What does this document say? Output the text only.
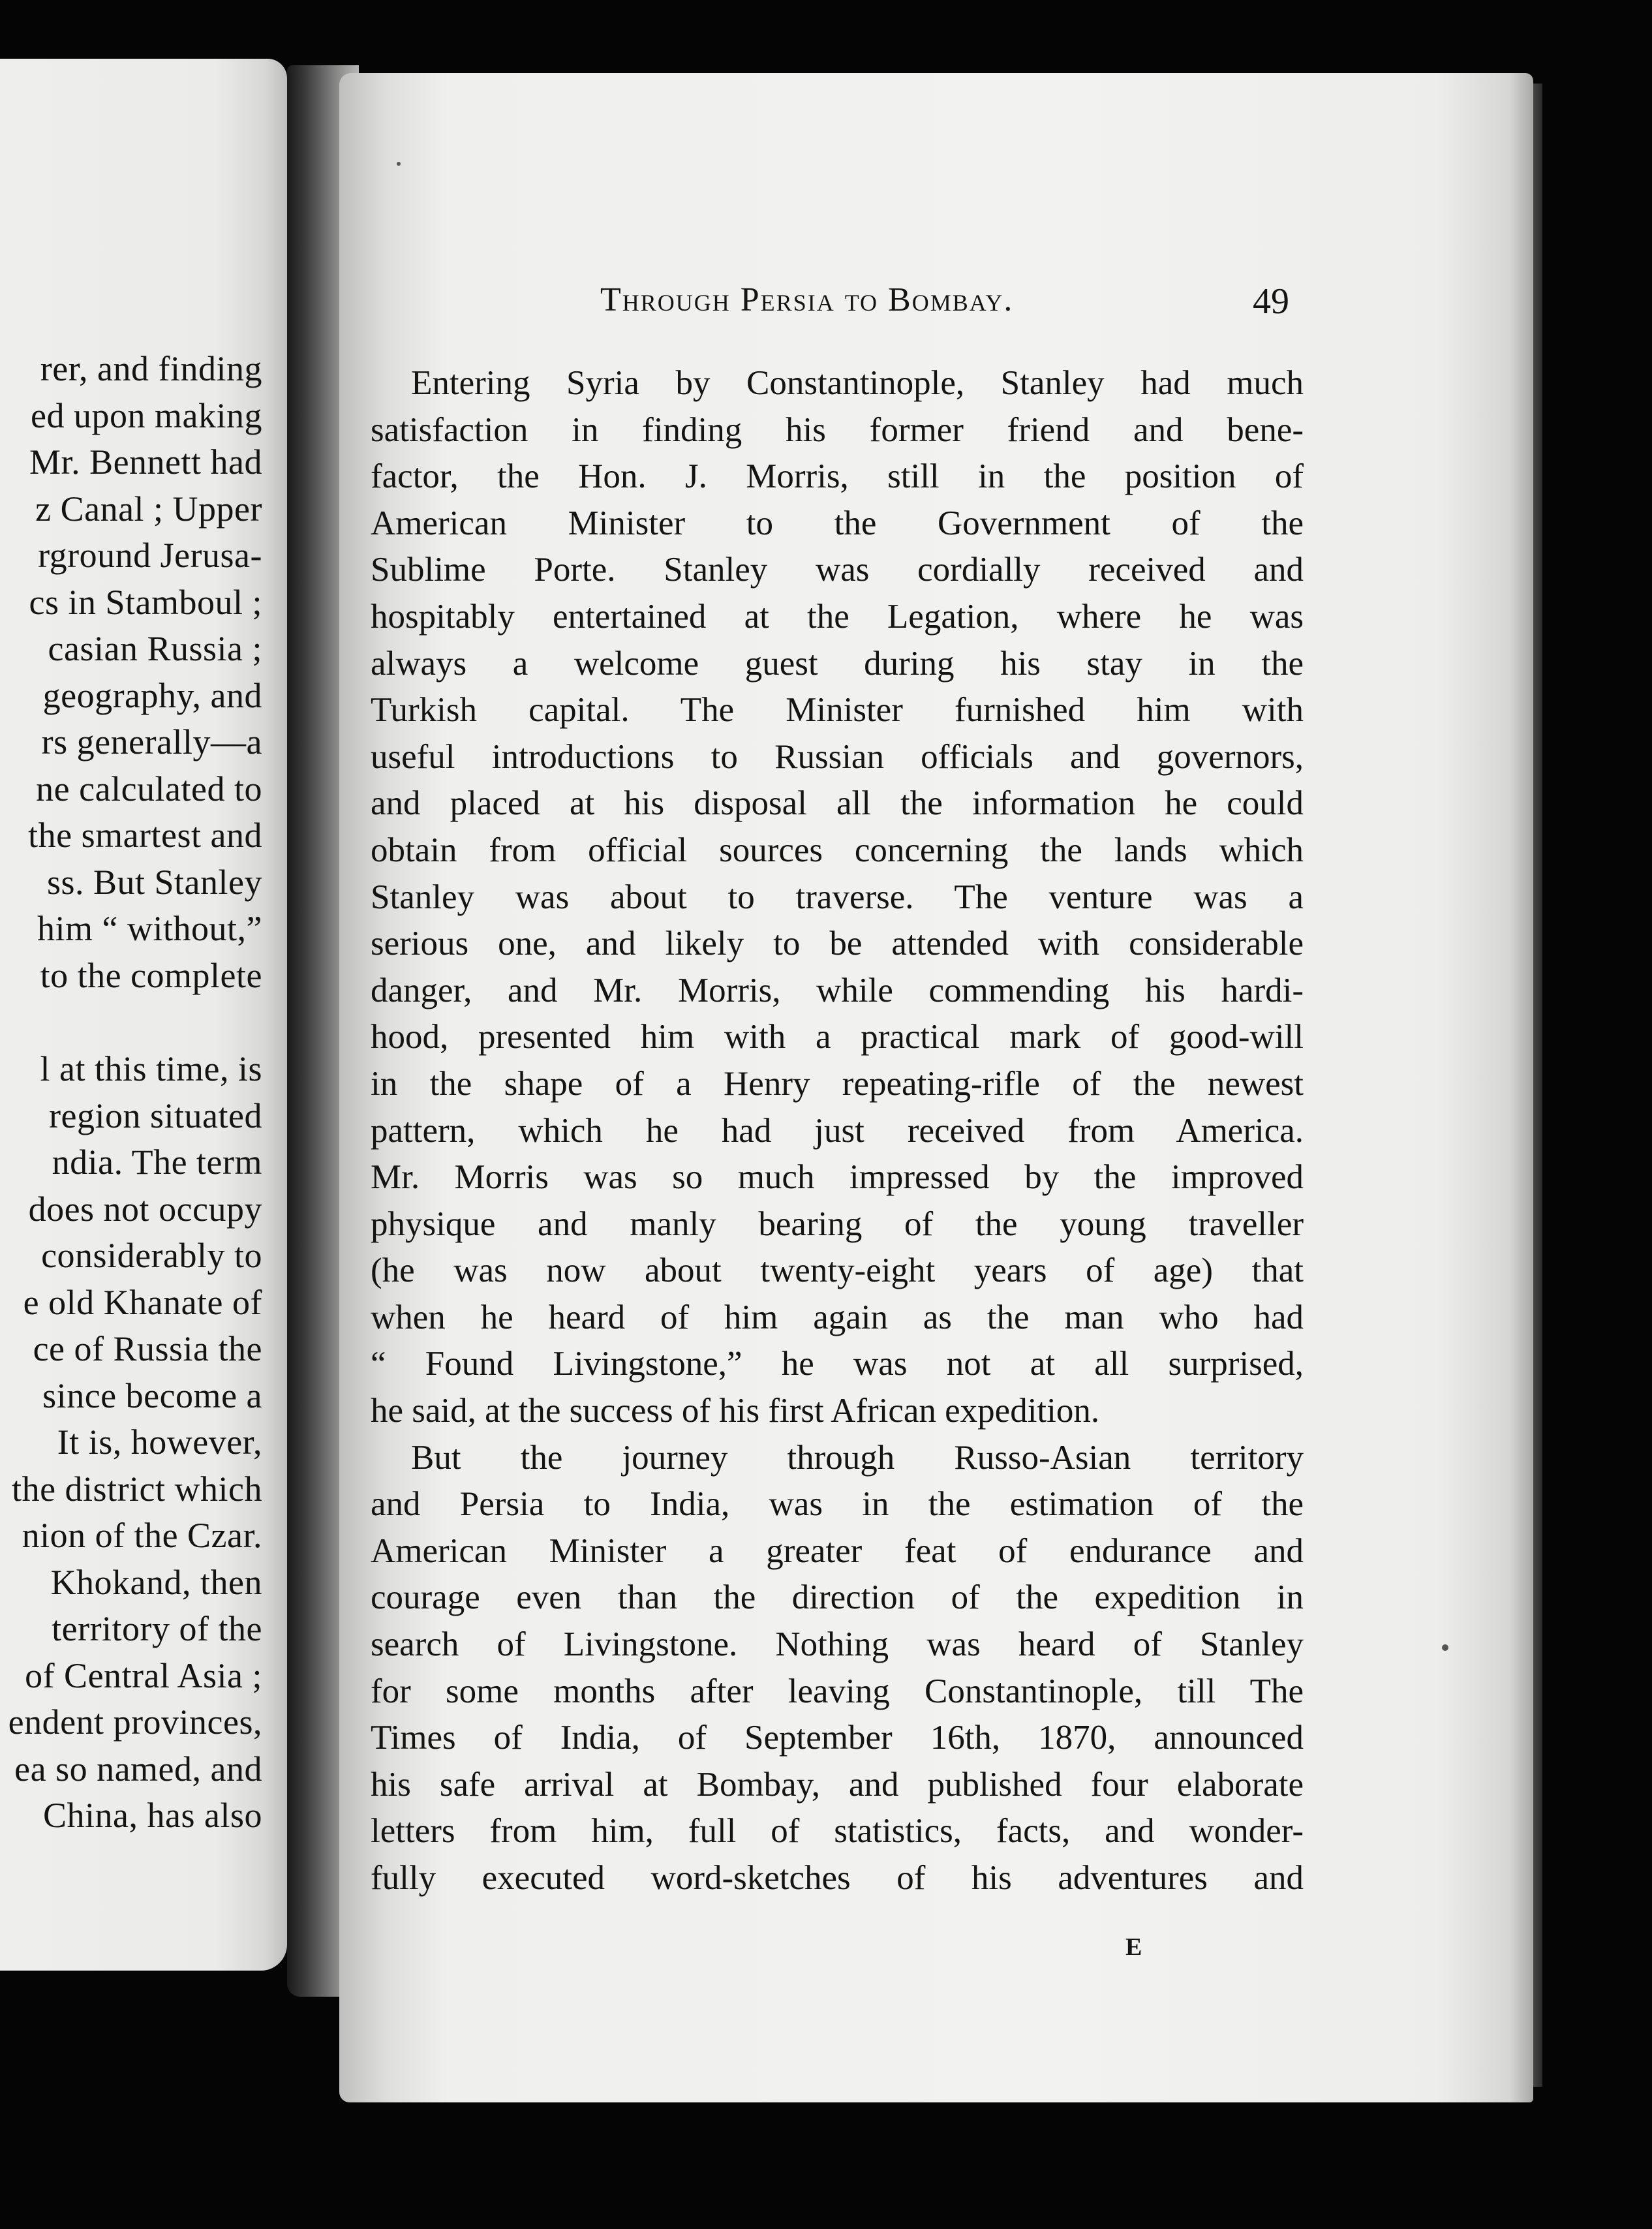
rer, and finding
ed upon making
Mr. Bennett had
z Canal ; Upper
rground Jerusa-
cs in Stamboul ;
casian Russia ;
geography, and
rs generally—a
ne calculated to
the smartest and
ss. But Stanley
him “ without,”
to the complete
l at this time, is
region situated
ndia. The term
does not occupy
considerably to
e old Khanate of
ce of Russia the
since become a
It is, however,
the district which
nion of the Czar.
Khokand, then
territory of the
of Central Asia ;
endent provinces,
ea so named, and
China, has also
Through Persia to Bombay.	49
Entering Syria by Constantinople, Stanley had much
satisfaction in finding his former friend and bene-
factor, the Hon. J. Morris, still in the position of
American Minister to the Government of the
Sublime Porte. Stanley was cordially received and
hospitably entertained at the Legation, where he was
always a welcome guest during his stay in the
Turkish capital. The Minister furnished him with
useful introductions to Russian officials and governors,
and placed at his disposal all the information he could
obtain from official sources concerning the lands which
Stanley was about to traverse. The venture was a
serious one, and likely to be attended with considerable
danger, and Mr. Morris, while commending his hardi-
hood, presented him with a practical mark of good-will
in the shape of a Henry repeating-rifle of the newest
pattern, which he had just received from America.
Mr. Morris was so much impressed by the improved
physique and manly bearing of the young traveller
(he was now about twenty-eight years of age) that
when he heard of him again as the man who had
“ Found Livingstone,” he was not at all surprised,
he said, at the success of his first African expedition.
But the journey through Russo-Asian territory
and Persia to India, was in the estimation of the
American Minister a greater feat of endurance and
courage even than the direction of the expedition in
search of Livingstone. Nothing was heard of Stanley
for some months after leaving Constantinople, till The
Times of India, of September 16th, 1870, announced
his safe arrival at Bombay, and published four elaborate
letters from him, full of statistics, facts, and wonder-
fully executed word-sketches of his adventures and
E
